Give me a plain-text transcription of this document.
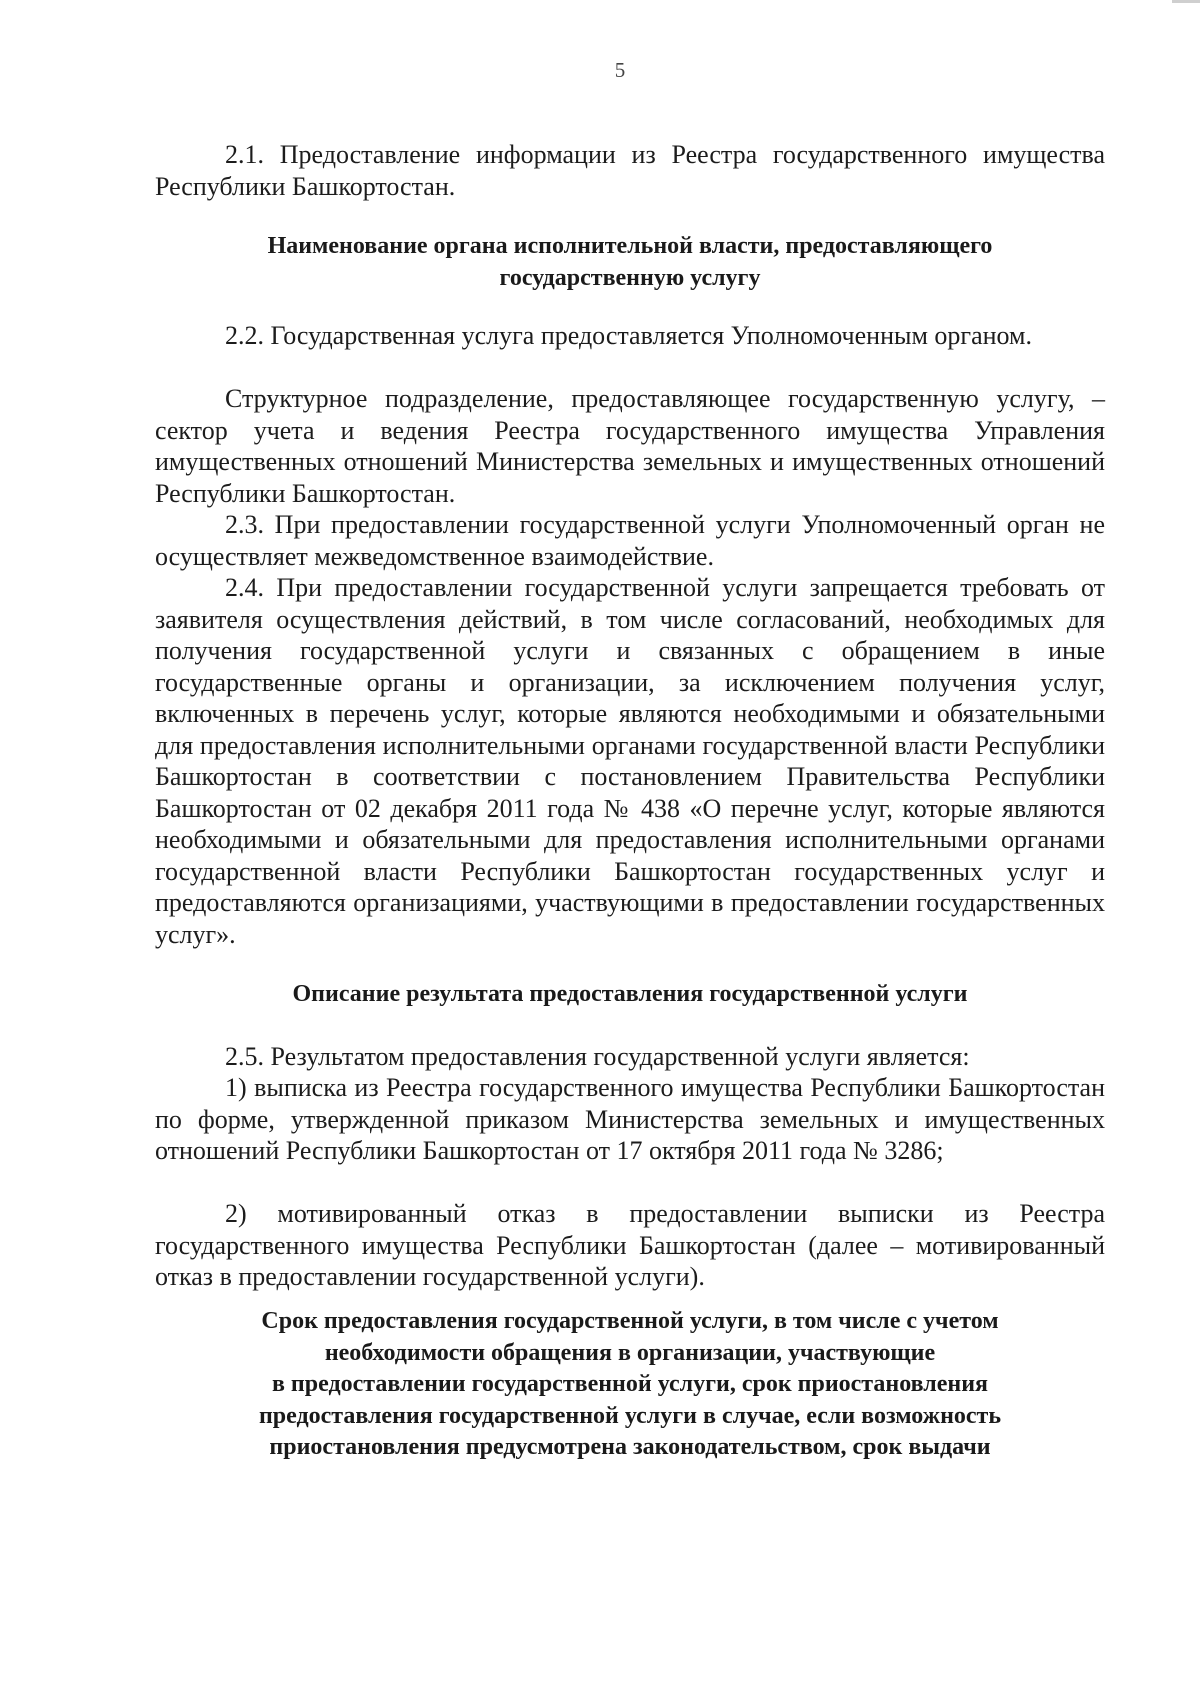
5

2.1. Предоставление информации из Реестра государственного имущества Республики Башкортостан.

Наименование органа исполнительной власти, предоставляющего государственную услугу

2.2. Государственная услуга предоставляется Уполномоченным органом.

Структурное подразделение, предоставляющее государственную услугу, – сектор учета и ведения Реестра государственного имущества Управления имущественных отношений Министерства земельных и имущественных отношений Республики Башкортостан.

2.3. При предоставлении государственной услуги Уполномоченный орган не осуществляет межведомственное взаимодействие.

2.4. При предоставлении государственной услуги запрещается требовать от заявителя осуществления действий, в том числе согласований, необходимых для получения государственной услуги и связанных с обращением в иные государственные органы и организации, за исключением получения услуг, включенных в перечень услуг, которые являются необходимыми и обязательными для предоставления исполнительными органами государственной власти Республики Башкортостан в соответствии с постановлением Правительства Республики Башкортостан от 02 декабря 2011 года № 438 «О перечне услуг, которые являются необходимыми и обязательными для предоставления исполнительными органами государственной власти Республики Башкортостан государственных услуг и предоставляются организациями, участвующими в предоставлении государственных услуг».

Описание результата предоставления государственной услуги

2.5. Результатом предоставления государственной услуги является:

1) выписка из Реестра государственного имущества Республики Башкортостан по форме, утвержденной приказом Министерства земельных и имущественных отношений Республики Башкортостан от 17 октября 2011 года № 3286;

2) мотивированный отказ в предоставлении выписки из Реестра государственного имущества Республики Башкортостан (далее – мотивированный отказ в предоставлении государственной услуги).

Срок предоставления государственной услуги, в том числе с учетом
необходимости обращения в организации, участвующие
в предоставлении государственной услуги, срок приостановления
предоставления государственной услуги в случае, если возможность
приостановления предусмотрена законодательством, срок выдачи
